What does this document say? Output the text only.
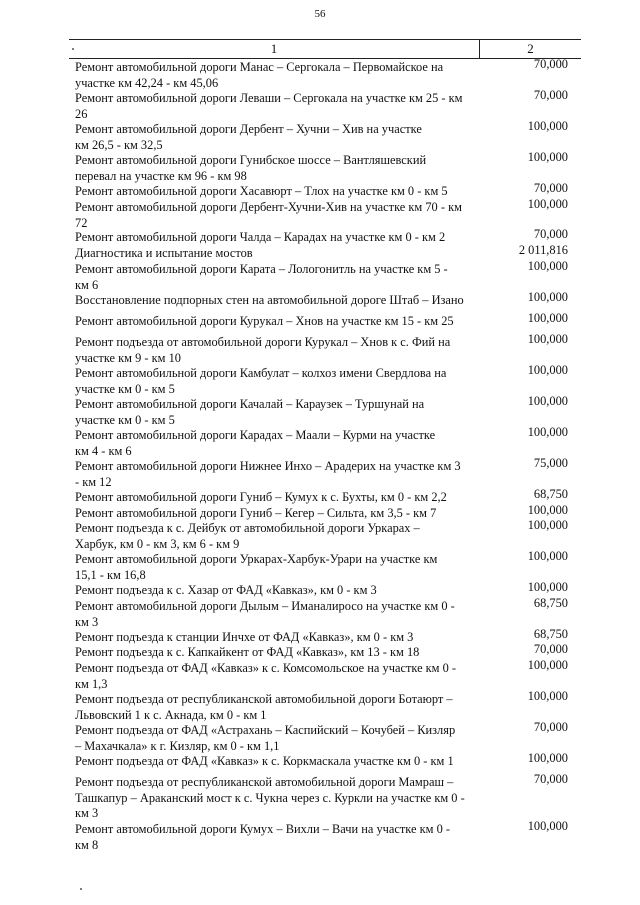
56
1	2
Ремонт автомобильной дороги Манас – Сергокала – Первомайское на
участке км 42,24 - км 45,06
70,000
Ремонт автомобильной дороги Леваши – Сергокала на участке км 25 - км
26
70,000
Ремонт автомобильной дороги Дербент – Хучни – Хив на участке
км 26,5 - км 32,5
100,000
Ремонт автомобильной дороги Гунибское шоссе – Вантляшевский
перевал на участке км 96 - км 98
100,000
Ремонт автомобильной дороги Хасавюрт – Тлох на участке км 0 - км 5	70,000
Ремонт автомобильной дороги Дербент-Хучни-Хив на участке км 70 - км
72
100,000
Ремонт автомобильной дороги Чалда – Карадах на участке км 0 - км 2	70,000
Диагностика и испытание мостов	2 011,816
Ремонт автомобильной дороги Карата – Лологонитль на участке км 5 -
км 6
100,000
Восстановление подпорных стен на автомобильной дороге Штаб – Изано	100,000
Ремонт автомобильной дороги Курукал – Хнов на участке км 15 - км 25	100,000
Ремонт подъезда от автомобильной дороги Курукал – Хнов к с. Фий на
участке км 9 - км 10
100,000
Ремонт автомобильной дороги Камбулат – колхоз имени Свердлова на
участке км 0 - км 5
100,000
Ремонт автомобильной дороги Качалай – Караузек – Туршунай на
участке км 0 - км 5
100,000
Ремонт автомобильной дороги Карадах – Маали – Курми на участке
км 4 - км 6
100,000
Ремонт автомобильной дороги Нижнее Инхо – Арадерих на участке км 3
- км 12
75,000
Ремонт автомобильной дороги Гуниб – Кумух к с. Бухты, км 0 - км 2,2	68,750
Ремонт автомобильной дороги Гуниб – Кегер – Сильта, км 3,5 - км 7	100,000
Ремонт подъезда к с. Дейбук от автомобильной дороги Уркарах –
Харбук, км 0 - км 3, км 6 - км 9
100,000
Ремонт автомобильной дороги Уркарах-Харбук-Урари на участке км
15,1 - км 16,8
100,000
Ремонт подъезда к с. Хазар от ФАД «Кавказ», км 0 - км 3	100,000
Ремонт автомобильной дороги Дылым – Иманалиросо на участке км 0 -
км 3
68,750
Ремонт подъезда к станции Инчхе от ФАД «Кавказ», км 0 - км 3	68,750
Ремонт подъезда к с. Капкайкент от ФАД «Кавказ», км 13 - км 18	70,000
Ремонт подъезда от ФАД «Кавказ» к с. Комсомольское на участке км 0 -
км 1,3
100,000
Ремонт подъезда от республиканской автомобильной дороги Ботаюрт –
Львовский 1 к с. Акнада, км 0 - км 1
100,000
Ремонт подъезда от ФАД «Астрахань – Каспийский – Кочубей – Кизляр
– Махачкала» к г. Кизляр, км 0 - км 1,1
70,000
Ремонт подъезда от ФАД «Кавказ» к с. Коркмаскала участке км 0 - км 1	100,000
Ремонт подъезда от республиканской автомобильной дороги Мамраш –
Ташкапур – Араканский мост к с. Чукна через с. Куркли на участке км 0 -
км 3
70,000
Ремонт автомобильной дороги Кумух – Вихли – Вачи на участке км 0 -
км 8
100,000
